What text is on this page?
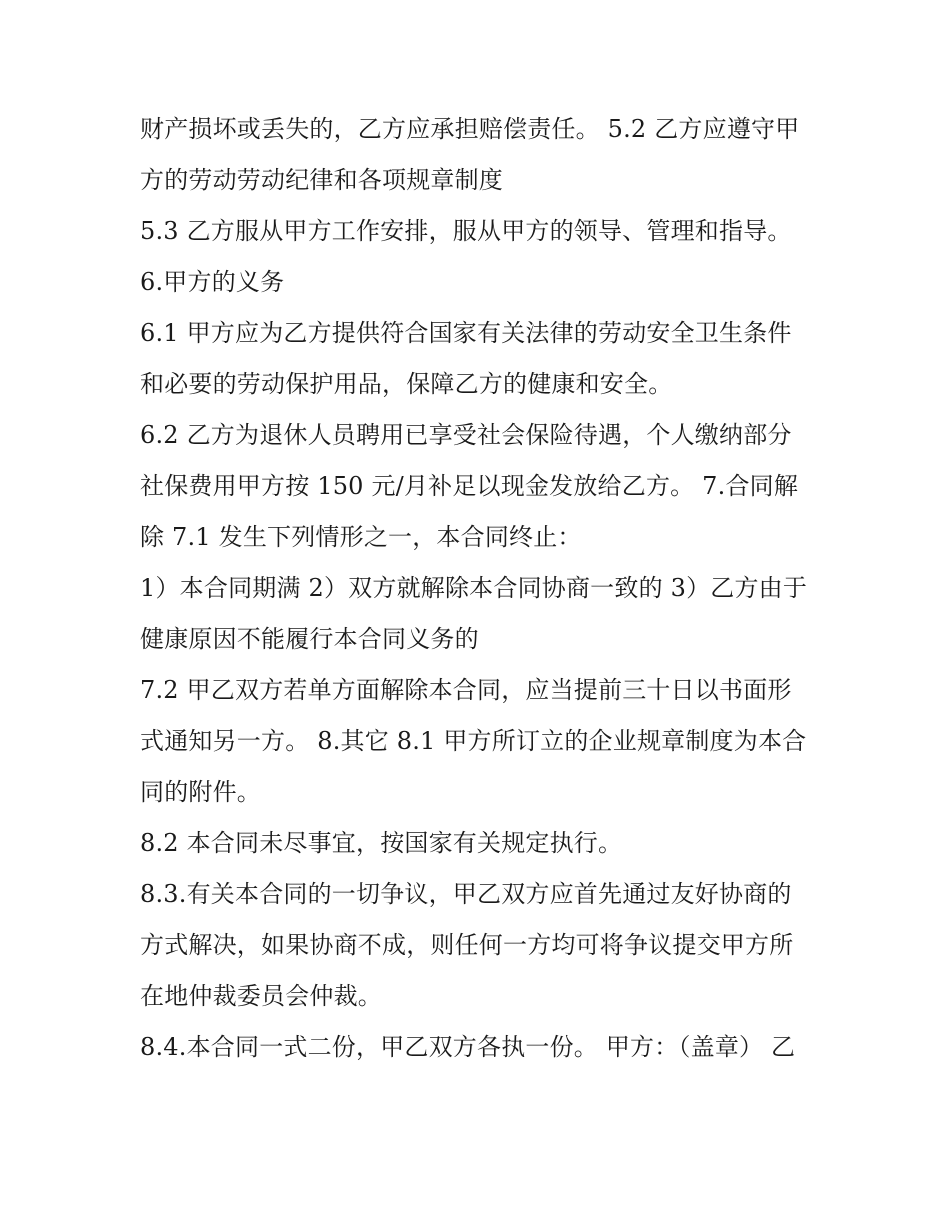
财产损坏或丢失的，乙方应承担赔偿责任。 5.2 乙方应遵守甲
方的劳动劳动纪律和各项规章制度
5.3 乙方服从甲方工作安排，服从甲方的领导、管理和指导。
6.甲方的义务
6.1 甲方应为乙方提供符合国家有关法律的劳动安全卫生条件
和必要的劳动保护用品，保障乙方的健康和安全。
6.2 乙方为退休人员聘用已享受社会保险待遇，个人缴纳部分
社保费用甲方按 150 元/月补足以现金发放给乙方。 7.合同解
除 7.1 发生下列情形之一，本合同终止：
1）本合同期满 2）双方就解除本合同协商一致的 3）乙方由于
健康原因不能履行本合同义务的
7.2 甲乙双方若单方面解除本合同，应当提前三十日以书面形
式通知另一方。 8.其它 8.1 甲方所订立的企业规章制度为本合
同的附件。
8.2 本合同未尽事宜，按国家有关规定执行。
8.3.有关本合同的一切争议，甲乙双方应首先通过友好协商的
方式解决，如果协商不成，则任何一方均可将争议提交甲方所
在地仲裁委员会仲裁。
8.4.本合同一式二份，甲乙双方各执一份。 甲方：（盖章） 乙
